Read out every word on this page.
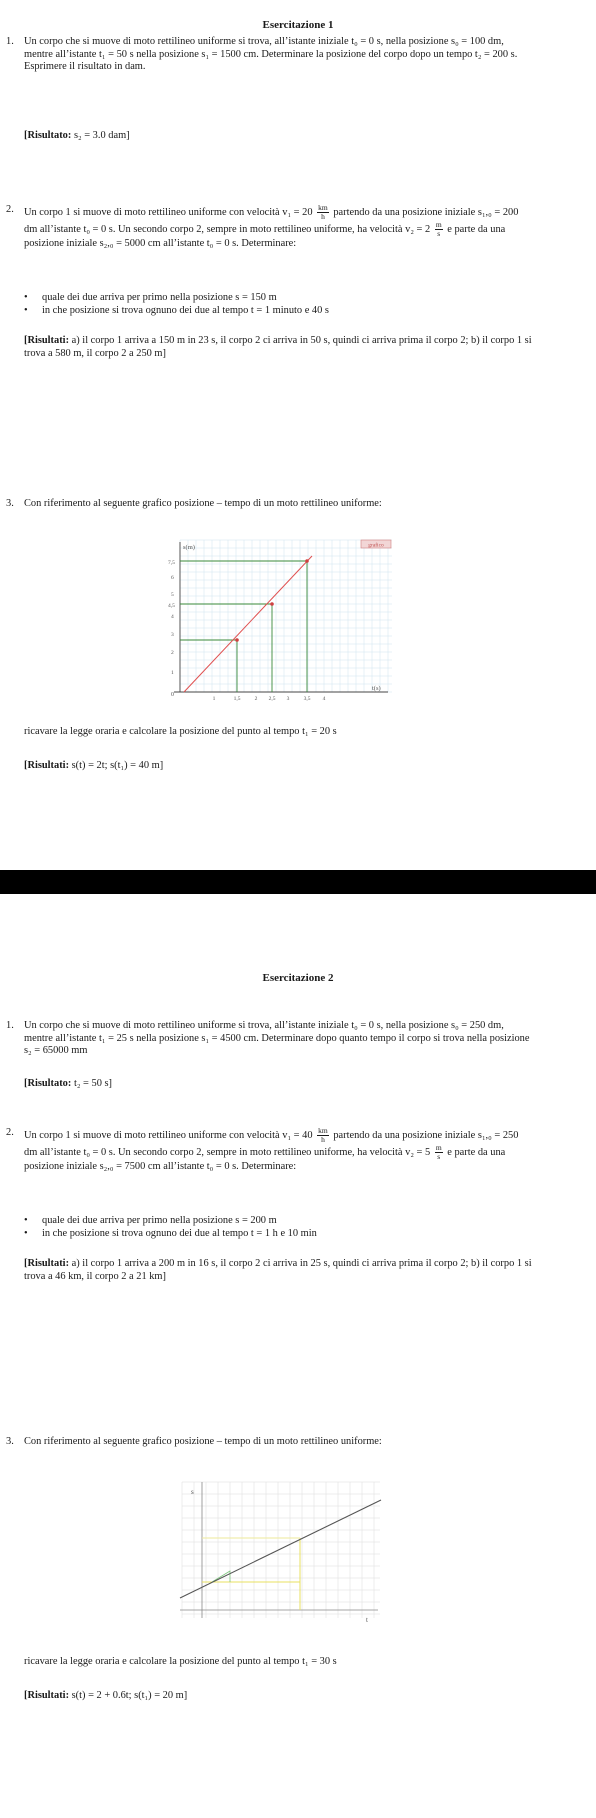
Esercitazione 1
1. Un corpo che si muove di moto rettilineo uniforme si trova, all’istante iniziale t₀ = 0 s, nella posizione s₀ = 100 dm, mentre all’istante t₁ = 50 s nella posizione s₁ = 1500 cm. Determinare la posizione del corpo dopo un tempo t₂ = 200 s. Esprimere il risultato in dam.
[Risultato: s₂ = 3.0 dam]
2. Un corpo 1 si muove di moto rettilineo uniforme con velocità $v_1 = 20 \frac{km}{h}$ partendo da una posizione iniziale s₁,₀ = 200 dm all’istante t₀ = 0 s. Un secondo corpo 2, sempre in moto rettilineo uniforme, ha velocità $v_2 = 2 \frac{m}{s}$ e parte da una posizione iniziale s₂,₀ = 5000 cm all’istante t₀ = 0 s. Determinare:
• quale dei due arriva per primo nella posizione s = 150 m
• in che posizione si trova ognuno dei due al tempo t = 1 minuto e 40 s
[Risultati: a) il corpo 1 arriva a 150 m in 23 s, il corpo 2 ci arriva in 50 s, quindi ci arriva prima il corpo 2; b) il corpo 1 si trova a 580 m, il corpo 2 a 250 m]
3. Con riferimento al seguente grafico posizione – tempo di un moto rettilineo uniforme:
grafico
s(m)
t(s)
0
7,5
6
5
4,5
4
3
2
1
1	1,5	2 2,5 3	3,5 4
ricavare la legge oraria e calcolare la posizione del punto al tempo t₁ = 20 s
[Risultati: s(t) = 2t; s(t₁) = 40 m]
Esercitazione 2
1. Un corpo che si muove di moto rettilineo uniforme si trova, all’istante iniziale t₀ = 0 s, nella posizione s₀ = 250 dm, mentre all’istante t₁ = 25 s nella posizione s₁ = 4500 cm. Determinare dopo quanto tempo il corpo si trova nella posizione s₂ = 65000 mm
[Risultato: t₂ = 50 s]
2. Un corpo 1 si muove di moto rettilineo uniforme con velocità $v_1 = 40 \frac{km}{h}$ partendo da una posizione iniziale s₁,₀ = 250 dm all’istante t₀ = 0 s. Un secondo corpo 2, sempre in moto rettilineo uniforme, ha velocità $v_2 = 5 \frac{m}{s}$ e parte da una posizione iniziale s₂,₀ = 7500 cm all’istante t₀ = 0 s. Determinare:
• quale dei due arriva per primo nella posizione s = 200 m
• in che posizione si trova ognuno dei due al tempo t = 1 h e 10 min
[Risultati: a) il corpo 1 arriva a 200 m in 16 s, il corpo 2 ci arriva in 25 s, quindi ci arriva prima il corpo 2; b) il corpo 1 si trova a 46 km, il corpo 2 a 21 km]
3. Con riferimento al seguente grafico posizione – tempo di un moto rettilineo uniforme:
s
t
ricavare la legge oraria e calcolare la posizione del punto al tempo t₁ = 30 s
[Risultati: s(t) = 2 + 0.6t; s(t₁) = 20 m]
